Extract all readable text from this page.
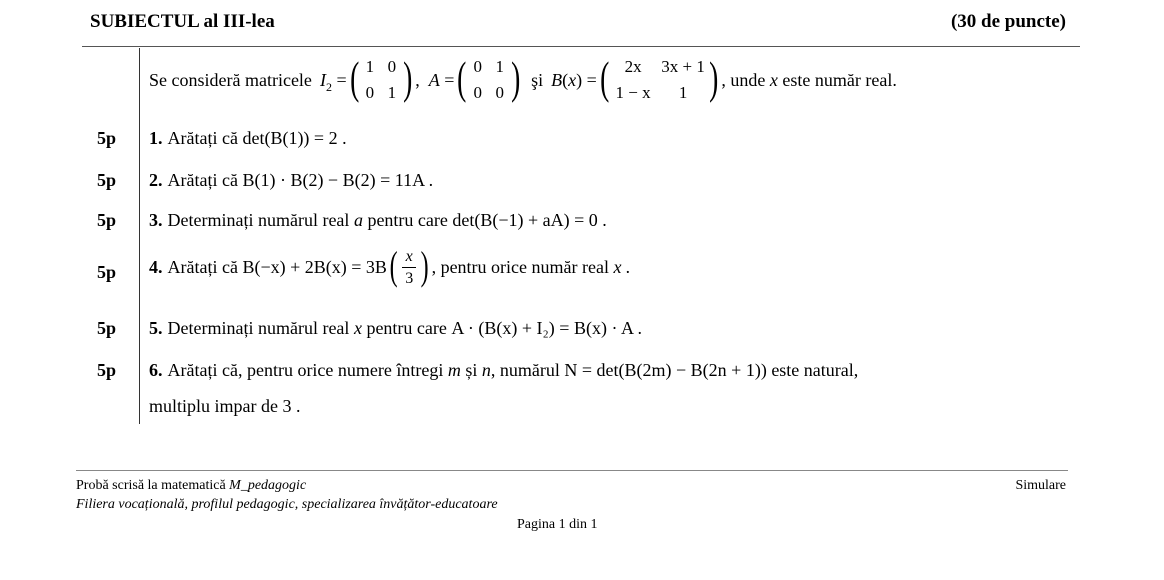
SUBIECTUL al III-lea	(30 de puncte)
Se consideră matricele $I_2$ = ( 1 0
0 1 ) , A = ( 0 1
0 0 ) şi B(x) = ( 2x	3x + 1
1 − x	1 ) , unde
x
este număr real.
5p 1. Arătați că
det(B(1)) = 2 .
5p 2. Arătați că
B(1) · B(2) − B(2) = 11A .
5p 3. Determinați numărul real
a
pentru care
det(B(−1) + aA) = 0 .
5p 4. Arătați că
B(−x) + 2B(x) = 3B ( $\frac{x}{3}$ ) , pentru orice număr real
x .
5p 5. Determinați numărul real
x
pentru care
A · (B(x) + I₂) = B(x) · A .
5p 6. Arătați că, pentru orice numere întregi
m
și
n , numărul
N = det(B(2m) − B(2n + 1))
este natural,
multiplu impar de 3 .
Probă scrisă la matematică M_pedagogic	Simulare
Filiera vocațională, profilul pedagogic, specializarea învățător-educatoare
Pagina 1 din 1
